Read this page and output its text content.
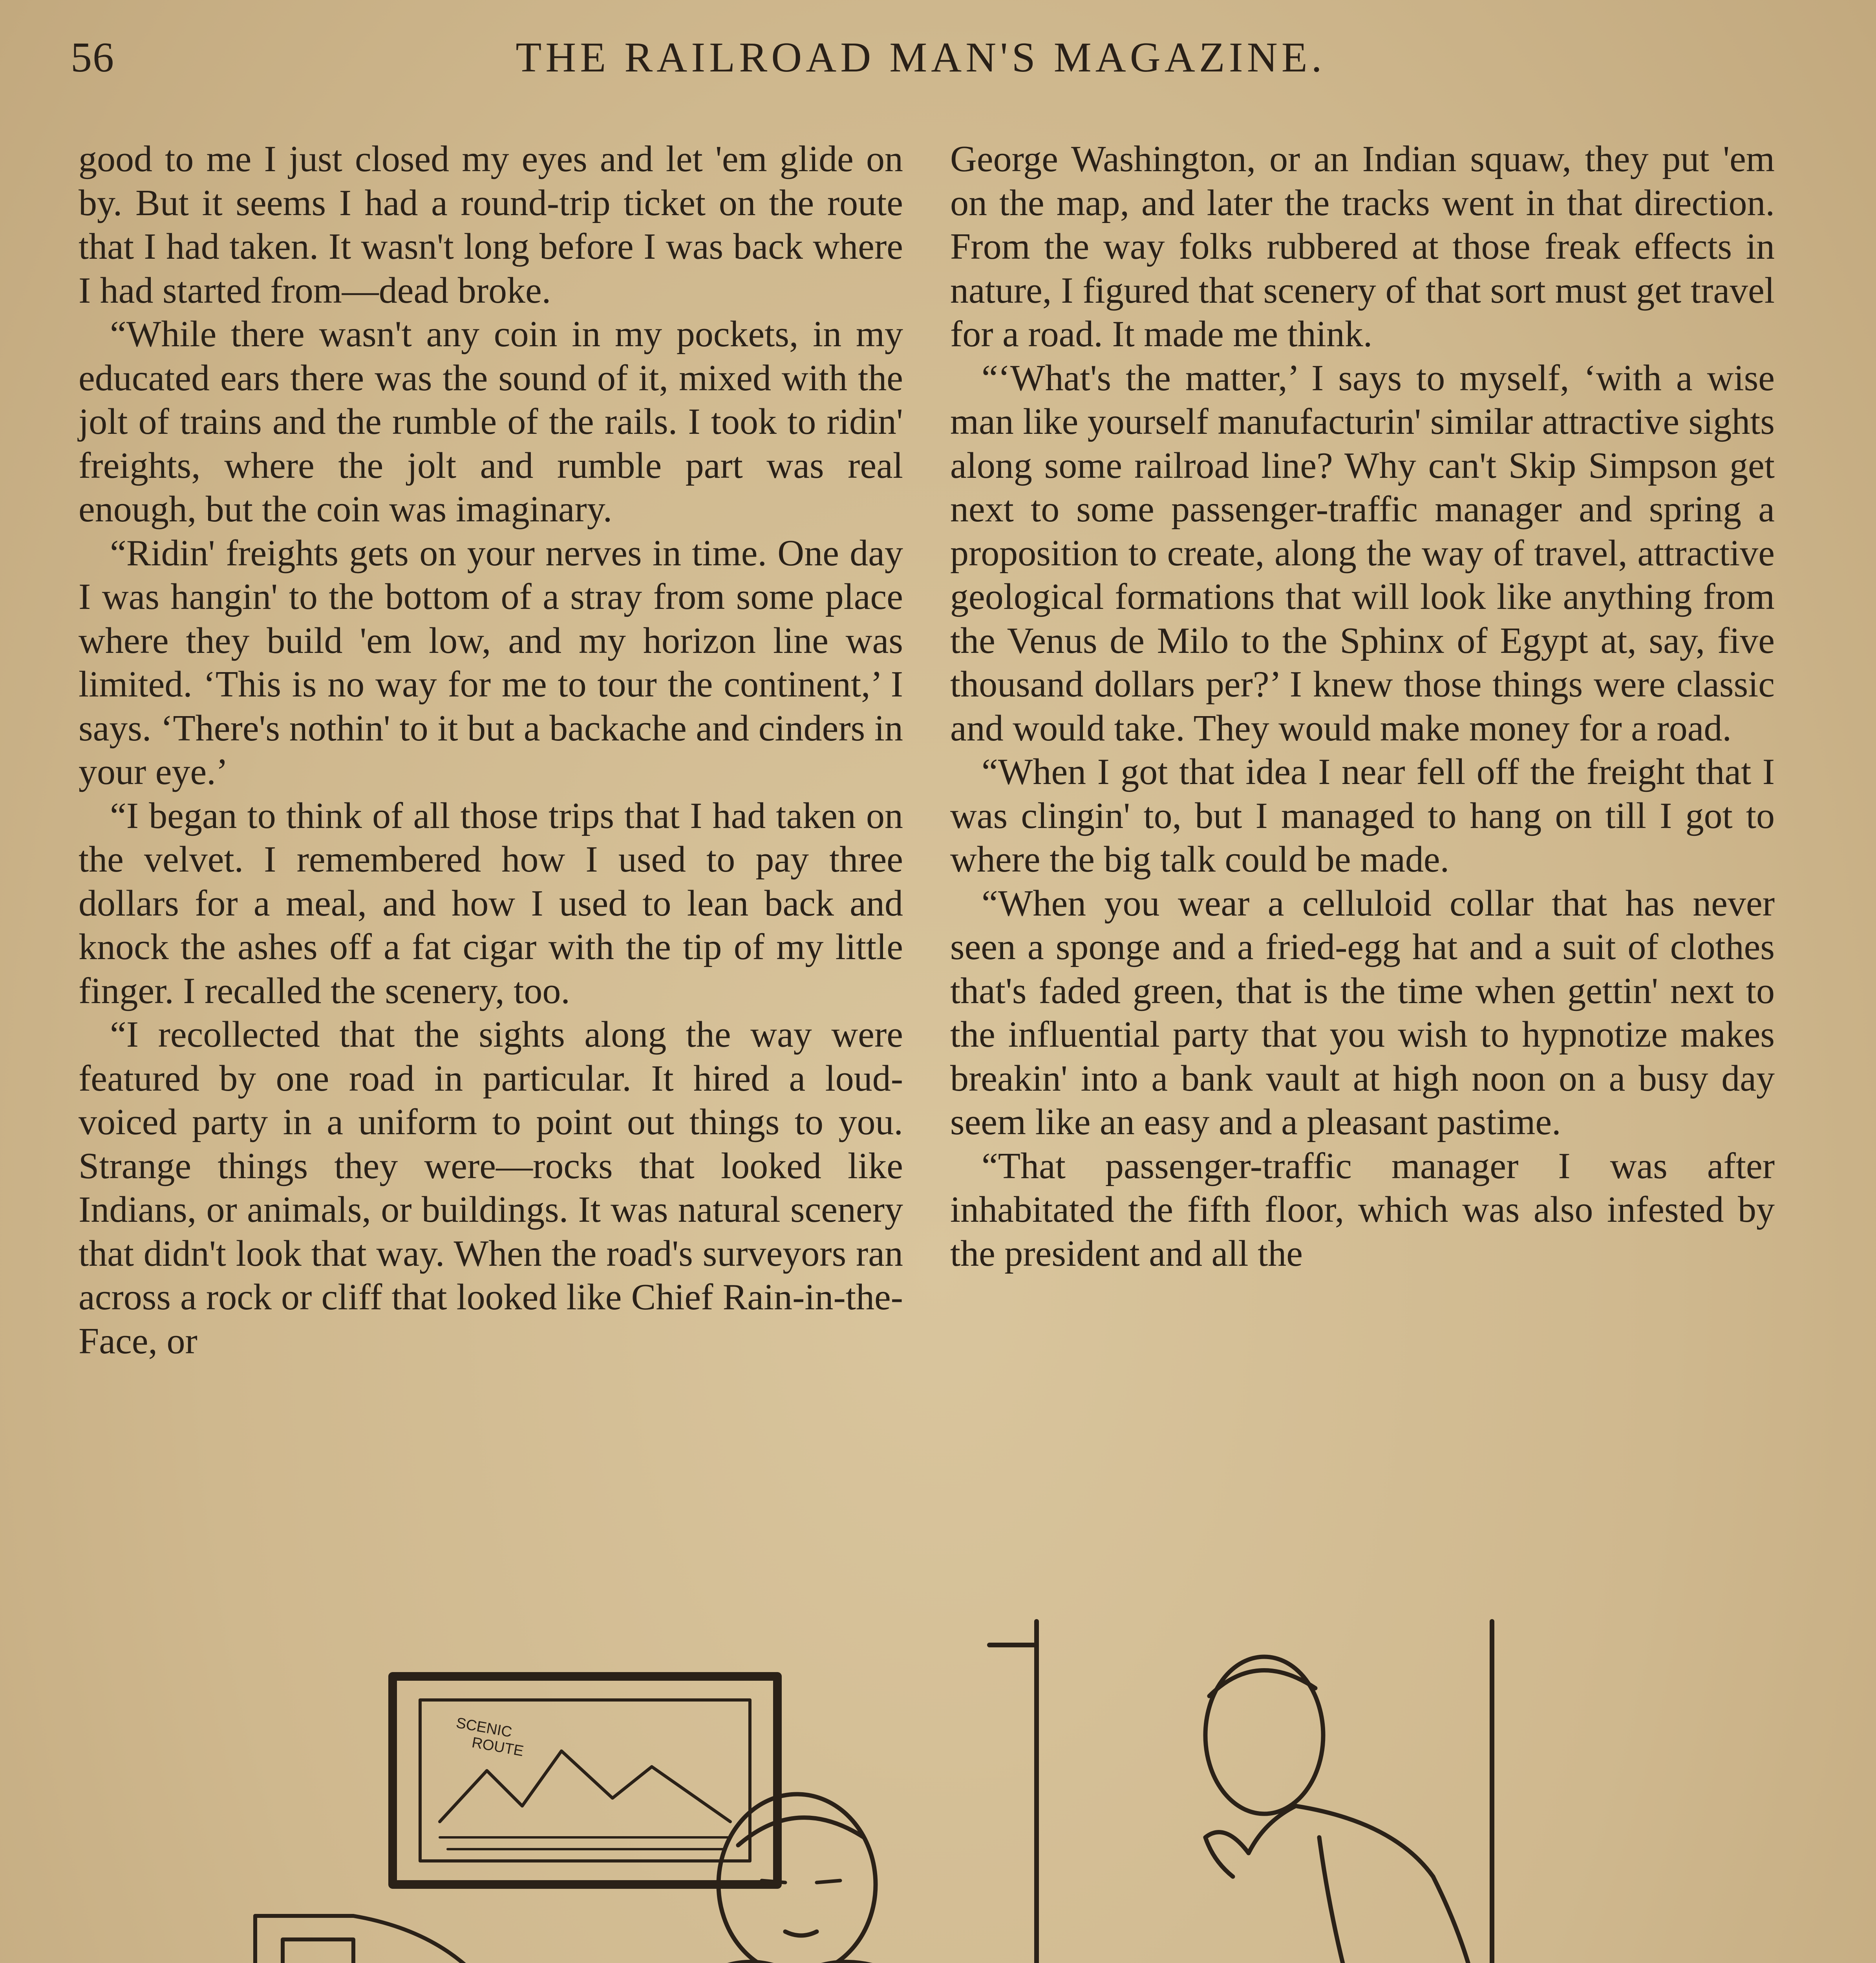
56	THE RAILROAD MAN'S MAGAZINE.

good to me I just closed my eyes and let 'em glide on by. But it seems I had a round-trip ticket on the route that I had taken. It wasn't long before I was back where I had started from—dead broke.

“While there wasn't any coin in my pockets, in my educated ears there was the sound of it, mixed with the jolt of trains and the rumble of the rails. I took to ridin' freights, where the jolt and rumble part was real enough, but the coin was imaginary.

“Ridin' freights gets on your nerves in time. One day I was hangin' to the bottom of a stray from some place where they build 'em low, and my horizon line was limited. ‘This is no way for me to tour the continent,’ I says. ‘There's nothin' to it but a backache and cinders in your eye.’

“I began to think of all those trips that I had taken on the velvet. I remembered how I used to pay three dollars for a meal, and how I used to lean back and knock the ashes off a fat cigar with the tip of my little finger. I recalled the scenery, too.

“I recollected that the sights along the way were featured by one road in particular. It hired a loud-voiced party in a uniform to point out things to you. Strange things they were—rocks that looked like Indians, or animals, or buildings. It was natural scenery that didn't look that way. When the road's surveyors ran across a rock or cliff that looked like Chief Rain-in-the-Face, or

George Washington, or an Indian squaw, they put 'em on the map, and later the tracks went in that direction. From the way folks rubbered at those freak effects in nature, I figured that scenery of that sort must get travel for a road. It made me think.

“‘What's the matter,’ I says to myself, ‘with a wise man like yourself manufacturin' similar attractive sights along some railroad line? Why can't Skip Simpson get next to some passenger-traffic manager and spring a proposition to create, along the way of travel, attractive geological formations that will look like anything from the Venus de Milo to the Sphinx of Egypt at, say, five thousand dollars per?’ I knew those things were classic and would take. They would make money for a road.

“When I got that idea I near fell off the freight that I was clingin' to, but I managed to hang on till I got to where the big talk could be made.

“When you wear a celluloid collar that has never seen a sponge and a fried-egg hat and a suit of clothes that's faded green, that is the time when gettin' next to the influential party that you wish to hypnotize makes breakin' into a bank vault at high noon on a busy day seem like an easy and a pleasant pastime.

“That passenger-traffic manager I was after inhabitated the fifth floor, which was also infested by the president and all the

SCENIC
ROUTE
